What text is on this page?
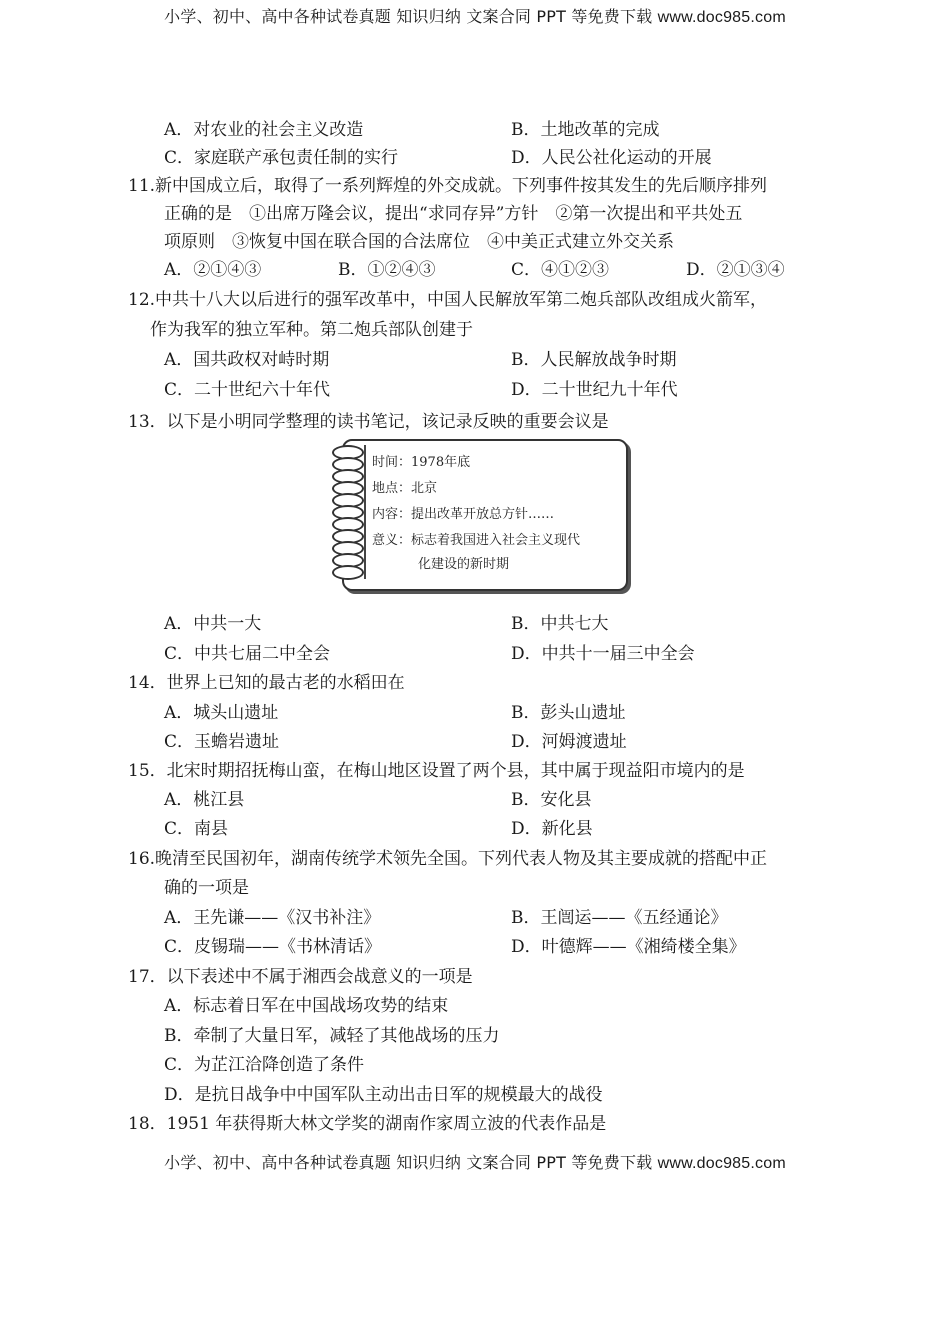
小学、初中、高中各种试卷真题 知识归纳 文案合同 PPT 等免费下载 www.doc985.com
A．对农业的社会主义改造	B．土地改革的完成
C．家庭联产承包责任制的实行	D．人民公社化运动的开展
11.新中国成立后，取得了一系列辉煌的外交成就。下列事件按其发生的先后顺序排列
正确的是　①出席万隆会议，提出“求同存异”方针　②第一次提出和平共处五
项原则　③恢复中国在联合国的合法席位　④中美正式建立外交关系
A．②①④③	B．①②④③	C．④①②③	D．②①③④
12.中共十八大以后进行的强军改革中，中国人民解放军第二炮兵部队改组成火箭军，
作为我军的独立军种。第二炮兵部队创建于
A．国共政权对峙时期	B．人民解放战争时期
C．二十世纪六十年代	D．二十世纪九十年代
13．以下是小明同学整理的读书笔记，该记录反映的重要会议是
时间：1978年底
地点：北京
内容：提出改革开放总方针……
意义：标志着我国进入社会主义现代
化建设的新时期
A．中共一大	B．中共七大
C．中共七届二中全会	D．中共十一届三中全会
14．世界上已知的最古老的水稻田在
A．城头山遗址	B．彭头山遗址
C．玉蟾岩遗址	D．河姆渡遗址
15．北宋时期招抚梅山蛮，在梅山地区设置了两个县，其中属于现益阳市境内的是
A．桃江县	B．安化县
C．南县	D．新化县
16.晚清至民国初年，湖南传统学术领先全国。下列代表人物及其主要成就的搭配中正
确的一项是
A．王先谦——《汉书补注》	B．王闿运——《五经通论》
C．皮锡瑞——《书林清话》	D．叶德辉——《湘绮楼全集》
17．以下表述中不属于湘西会战意义的一项是
A．标志着日军在中国战场攻势的结束
B．牵制了大量日军，减轻了其他战场的压力
C．为芷江洽降创造了条件
D．是抗日战争中中国军队主动出击日军的规模最大的战役
18．1951 年获得斯大林文学奖的湖南作家周立波的代表作品是
小学、初中、高中各种试卷真题 知识归纳 文案合同 PPT 等免费下载 www.doc985.com
